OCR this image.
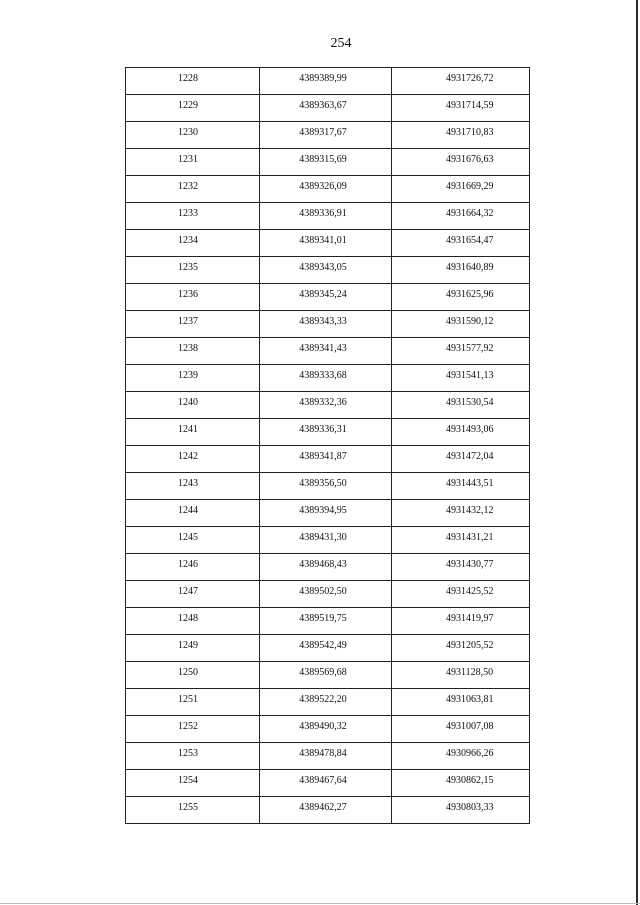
254
1228	4389389,99	4931726,72

1229	4389363,67	4931714,59

1230	4389317,67	4931710,83

1231	4389315,69	4931676,63

1232	4389326,09	4931669,29

1233	4389336,91	4931664,32

1234	4389341,01	4931654,47

1235	4389343,05	4931640,89

1236	4389345,24	4931625,96

1237	4389343,33	4931590,12

1238	4389341,43	4931577,92

1239	4389333,68	4931541,13

1240	4389332,36	4931530,54

1241	4389336,31	4931493,06

1242	4389341,87	4931472,04

1243	4389356,50	4931443,51

1244	4389394,95	4931432,12

1245	4389431,30	4931431,21

1246	4389468,43	4931430,77

1247	4389502,50	4931425,52

1248	4389519,75	4931419,97

1249	4389542,49	4931205,52

1250	4389569,68	4931128,50

1251	4389522,20	4931063,81

1252	4389490,32	4931007,08

1253	4389478,84	4930966,26

1254	4389467,64	4930862,15

1255	4389462,27	4930803,33
